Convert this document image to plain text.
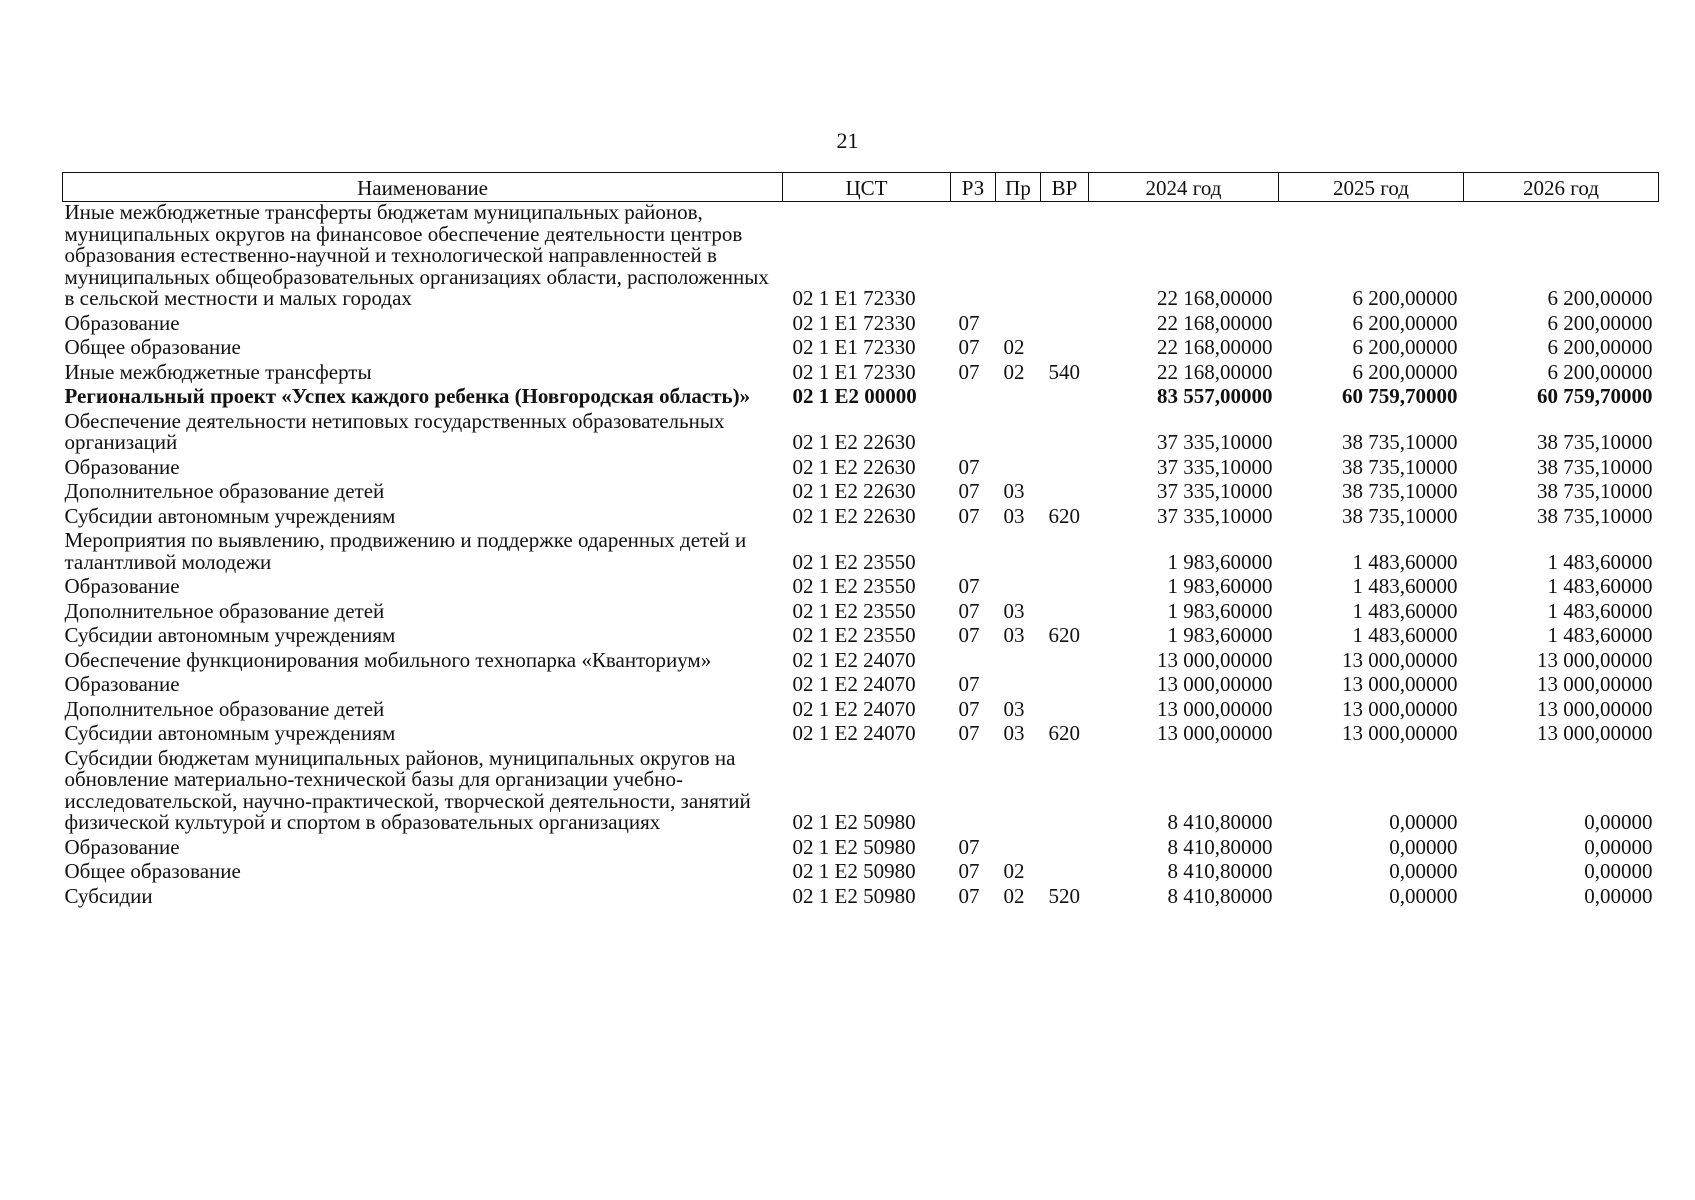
21
Наименование	ЦСТ	РЗ	Пр	ВР	2024 год	2025 год	2026 год
Иные межбюджетные трансферты бюджетам муниципальных районов, муниципальных округов на финансовое обеспечение деятельности центров образования естественно-научной и технологической направленностей в муниципальных общеобразовательных организациях области, расположенных в сельской местности и малых городах	02 1 Е1 72330				22 168,00000	6 200,00000	6 200,00000
Образование	02 1 Е1 72330	07			22 168,00000	6 200,00000	6 200,00000
Общее образование	02 1 Е1 72330	07	02		22 168,00000	6 200,00000	6 200,00000
Иные межбюджетные трансферты	02 1 Е1 72330	07	02	540	22 168,00000	6 200,00000	6 200,00000
Региональный проект «Успех каждого ребенка (Новгородская область)»	02 1 Е2 00000				83 557,00000	60 759,70000	60 759,70000
Обеспечение деятельности нетиповых государственных образовательных организаций	02 1 Е2 22630				37 335,10000	38 735,10000	38 735,10000
Образование	02 1 Е2 22630	07			37 335,10000	38 735,10000	38 735,10000
Дополнительное образование детей	02 1 Е2 22630	07	03		37 335,10000	38 735,10000	38 735,10000
Субсидии автономным учреждениям	02 1 Е2 22630	07	03	620	37 335,10000	38 735,10000	38 735,10000
Мероприятия по выявлению, продвижению и поддержке одаренных детей и талантливой молодежи	02 1 Е2 23550				1 983,60000	1 483,60000	1 483,60000
Образование	02 1 Е2 23550	07			1 983,60000	1 483,60000	1 483,60000
Дополнительное образование детей	02 1 Е2 23550	07	03		1 983,60000	1 483,60000	1 483,60000
Субсидии автономным учреждениям	02 1 Е2 23550	07	03	620	1 983,60000	1 483,60000	1 483,60000
Обеспечение функционирования мобильного технопарка «Кванториум»	02 1 Е2 24070				13 000,00000	13 000,00000	13 000,00000
Образование	02 1 Е2 24070	07			13 000,00000	13 000,00000	13 000,00000
Дополнительное образование детей	02 1 Е2 24070	07	03		13 000,00000	13 000,00000	13 000,00000
Субсидии автономным учреждениям	02 1 Е2 24070	07	03	620	13 000,00000	13 000,00000	13 000,00000
Субсидии бюджетам муниципальных районов, муниципальных округов на обновление материально-технической базы для организации учебно-исследовательской, научно-практической, творческой деятельности, занятий физической культурой и спортом в образовательных организациях	02 1 Е2 50980				8 410,80000	0,00000	0,00000
Образование	02 1 Е2 50980	07			8 410,80000	0,00000	0,00000
Общее образование	02 1 Е2 50980	07	02		8 410,80000	0,00000	0,00000
Субсидии	02 1 Е2 50980	07	02	520	8 410,80000	0,00000	0,00000
